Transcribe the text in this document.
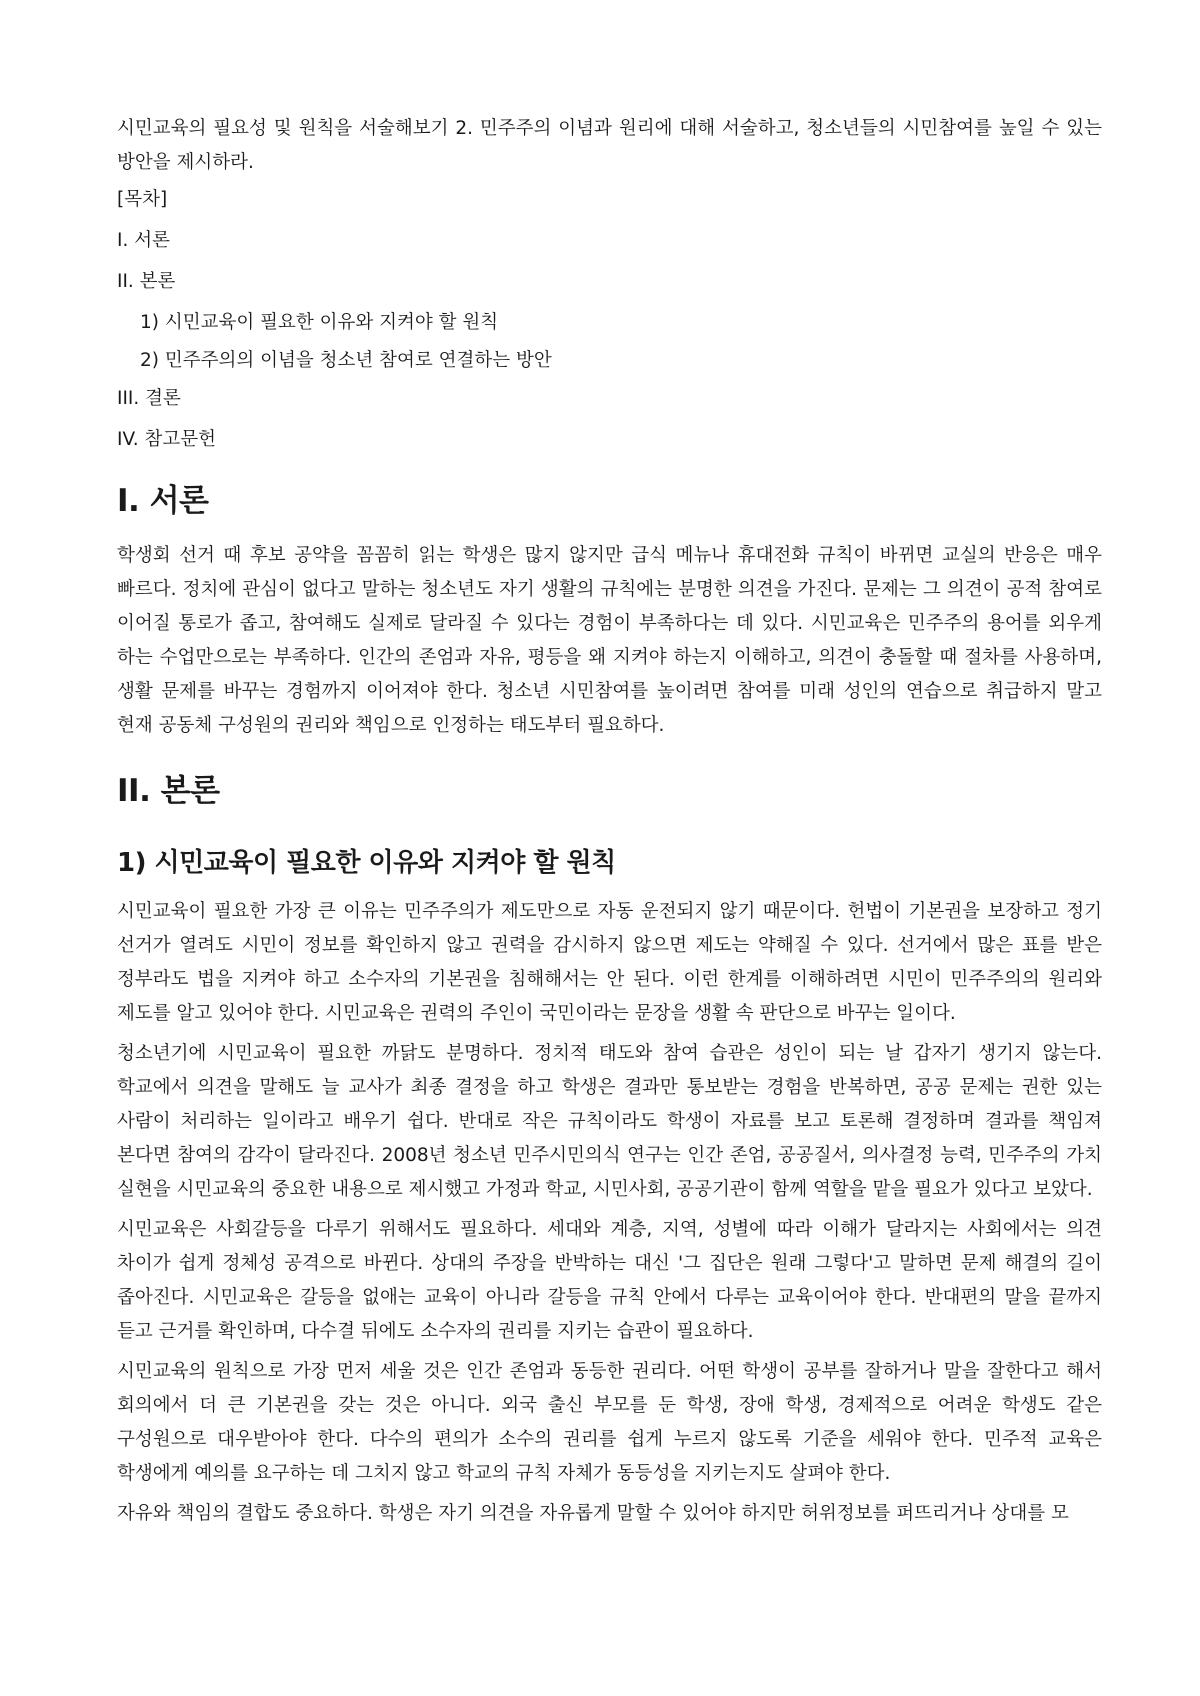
시민교육의 필요성 및 원칙을 서술해보기 2. 민주주의 이념과 원리에 대해 서술하고, 청소년들의 시민참여를 높일 수 있는 방안을 제시하라.

[목차]
I. 서론
II. 본론
1) 시민교육이 필요한 이유와 지켜야 할 원칙
2) 민주주의의 이념을 청소년 참여로 연결하는 방안
III. 결론
IV. 참고문헌
I. 서론

학생회 선거 때 후보 공약을 꼼꼼히 읽는 학생은 많지 않지만 급식 메뉴나 휴대전화 규칙이 바뀌면 교실의 반응은 매우 빠르다. 정치에 관심이 없다고 말하는 청소년도 자기 생활의 규칙에는 분명한 의견을 가진다. 문제는 그 의견이 공적 참여로 이어질 통로가 좁고, 참여해도 실제로 달라질 수 있다는 경험이 부족하다는 데 있다. 시민교육은 민주주의 용어를 외우게 하는 수업만으로는 부족하다. 인간의 존엄과 자유, 평등을 왜 지켜야 하는지 이해하고, 의견이 충돌할 때 절차를 사용하며, 생활 문제를 바꾸는 경험까지 이어져야 한다. 청소년 시민참여를 높이려면 참여를 미래 성인의 연습으로 취급하지 말고 현재 공동체 구성원의 권리와 책임으로 인정하는 태도부터 필요하다.

II. 본론
1) 시민교육이 필요한 이유와 지켜야 할 원칙

시민교육이 필요한 가장 큰 이유는 민주주의가 제도만으로 자동 운전되지 않기 때문이다. 헌법이 기본권을 보장하고 정기 선거가 열려도 시민이 정보를 확인하지 않고 권력을 감시하지 않으면 제도는 약해질 수 있다. 선거에서 많은 표를 받은 정부라도 법을 지켜야 하고 소수자의 기본권을 침해해서는 안 된다. 이런 한계를 이해하려면 시민이 민주주의의 원리와 제도를 알고 있어야 한다. 시민교육은 권력의 주인이 국민이라는 문장을 생활 속 판단으로 바꾸는 일이다.

청소년기에 시민교육이 필요한 까닭도 분명하다. 정치적 태도와 참여 습관은 성인이 되는 날 갑자기 생기지 않는다. 학교에서 의견을 말해도 늘 교사가 최종 결정을 하고 학생은 결과만 통보받는 경험을 반복하면, 공공 문제는 권한 있는 사람이 처리하는 일이라고 배우기 쉽다. 반대로 작은 규칙이라도 학생이 자료를 보고 토론해 결정하며 결과를 책임져 본다면 참여의 감각이 달라진다. 2008년 청소년 민주시민의식 연구는 인간 존엄, 공공질서, 의사결정 능력, 민주주의 가치 실현을 시민교육의 중요한 내용으로 제시했고 가정과 학교, 시민사회, 공공기관이 함께 역할을 맡을 필요가 있다고 보았다.

시민교육은 사회갈등을 다루기 위해서도 필요하다. 세대와 계층, 지역, 성별에 따라 이해가 달라지는 사회에서는 의견 차이가 쉽게 정체성 공격으로 바뀐다. 상대의 주장을 반박하는 대신 '그 집단은 원래 그렇다'고 말하면 문제 해결의 길이 좁아진다. 시민교육은 갈등을 없애는 교육이 아니라 갈등을 규칙 안에서 다루는 교육이어야 한다. 반대편의 말을 끝까지 듣고 근거를 확인하며, 다수결 뒤에도 소수자의 권리를 지키는 습관이 필요하다.

시민교육의 원칙으로 가장 먼저 세울 것은 인간 존엄과 동등한 권리다. 어떤 학생이 공부를 잘하거나 말을 잘한다고 해서 회의에서 더 큰 기본권을 갖는 것은 아니다. 외국 출신 부모를 둔 학생, 장애 학생, 경제적으로 어려운 학생도 같은 구성원으로 대우받아야 한다. 다수의 편의가 소수의 권리를 쉽게 누르지 않도록 기준을 세워야 한다. 민주적 교육은 학생에게 예의를 요구하는 데 그치지 않고 학교의 규칙 자체가 동등성을 지키는지도 살펴야 한다.

자유와 책임의 결합도 중요하다. 학생은 자기 의견을 자유롭게 말할 수 있어야 하지만 허위정보를 퍼뜨리거나 상대를 모
